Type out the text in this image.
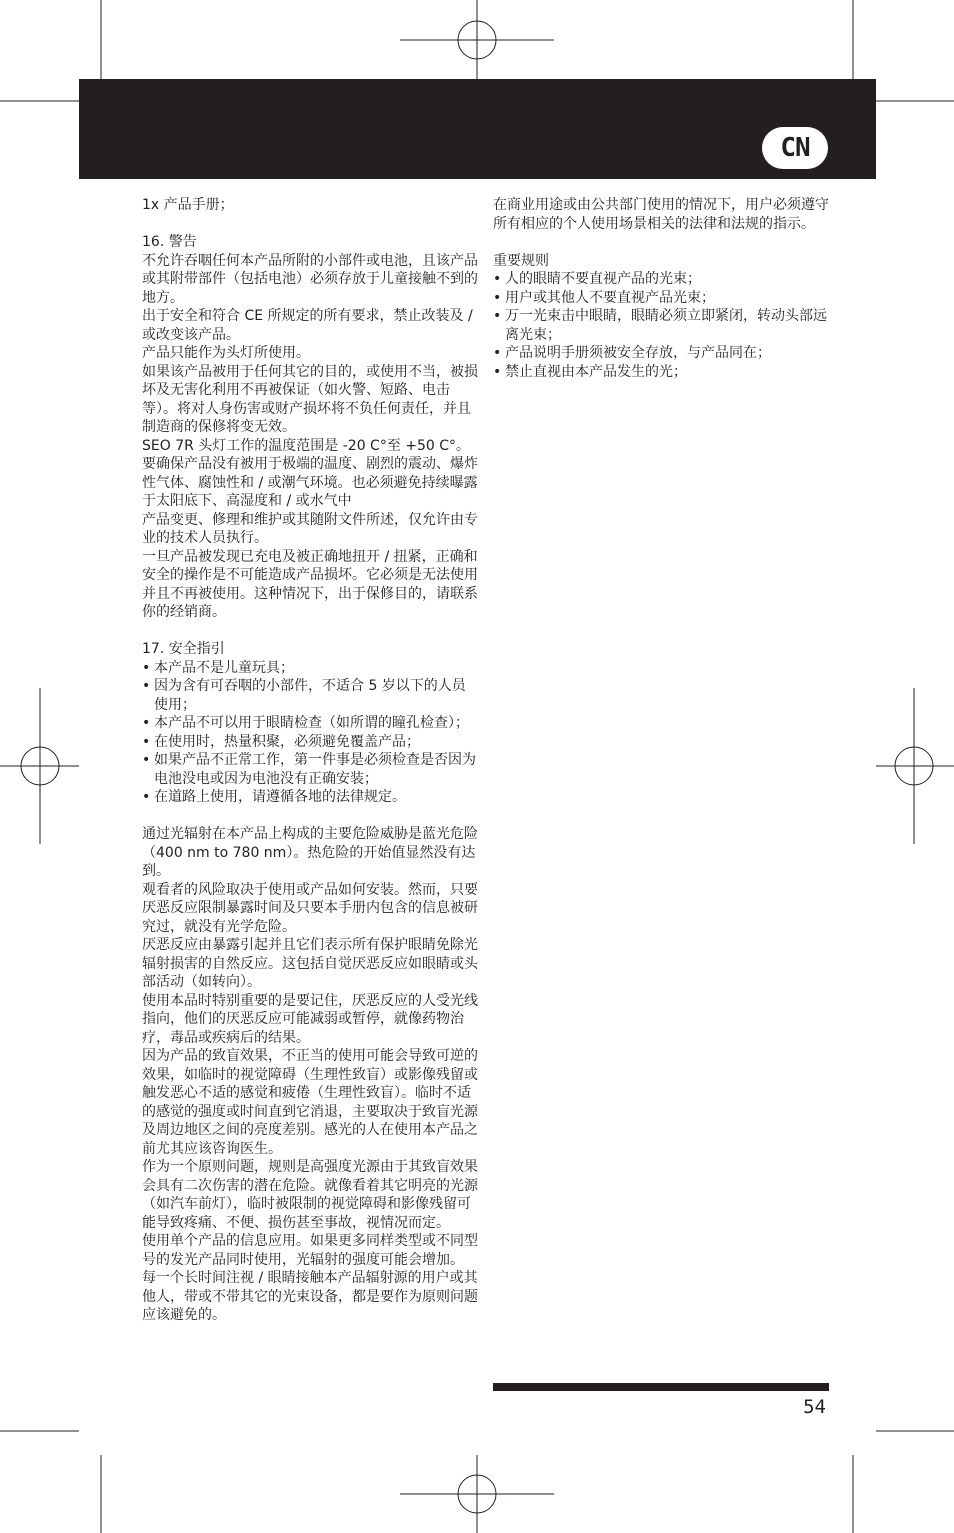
CN

1x 产品手册；

16. 警告

不允许吞咽任何本产品所附的小部件或电池，且该产品或其附带部件（包括电池）必须存放于儿童接触不到的地方。

出于安全和符合 CE 所规定的所有要求，禁止改装及 / 或改变该产品。

产品只能作为头灯所使用。

如果该产品被用于任何其它的目的，或使用不当，被损坏及无害化利用不再被保证（如火警、短路、电击等）。将对人身伤害或财产损坏将不负任何责任，并且制造商的保修将变无效。

SEO 7R 头灯工作的温度范围是 -20 C°至 +50 C°。要确保产品没有被用于极端的温度、剧烈的震动、爆炸性气体、腐蚀性和 / 或潮气环境。也必须避免持续曝露于太阳底下、高湿度和 / 或水气中

产品变更、修理和维护或其随附文件所述，仅允许由专业的技术人员执行。

一旦产品被发现已充电及被正确地扭开 / 扭紧，正确和安全的操作是不可能造成产品损坏。它必须是无法使用并且不再被使用。这种情况下，出于保修目的，请联系你的经销商。

17. 安全指引

• 本产品不是儿童玩具；
• 因为含有可吞咽的小部件，不适合 5 岁以下的人员使用；
• 本产品不可以用于眼睛检查（如所谓的瞳孔检查）；
• 在使用时，热量积聚，必须避免覆盖产品；
• 如果产品不正常工作，第一件事是必须检查是否因为电池没电或因为电池没有正确安装；
• 在道路上使用，请遵循各地的法律规定。

通过光辐射在本产品上构成的主要危险威胁是蓝光危险（400 nm to 780 nm）。热危险的开始值显然没有达到。

观看者的风险取决于使用或产品如何安装。然而，只要厌恶反应限制暴露时间及只要本手册内包含的信息被研究过，就没有光学危险。

厌恶反应由暴露引起并且它们表示所有保护眼睛免除光辐射损害的自然反应。这包括自觉厌恶反应如眼睛或头部活动（如转向）。

使用本品时特别重要的是要记住，厌恶反应的人受光线指向，他们的厌恶反应可能减弱或暂停，就像药物治疗，毒品或疾病后的结果。

因为产品的致盲效果，不正当的使用可能会导致可逆的效果，如临时的视觉障碍（生理性致盲）或影像残留或触发恶心不适的感觉和疲倦（生理性致盲）。临时不适的感觉的强度或时间直到它消退，主要取决于致盲光源及周边地区之间的亮度差别。感光的人在使用本产品之前尤其应该咨询医生。

作为一个原则问题，规则是高强度光源由于其致盲效果会具有二次伤害的潜在危险。就像看着其它明亮的光源（如汽车前灯），临时被限制的视觉障碍和影像残留可能导致疼痛、不便、损伤甚至事故，视情况而定。

使用单个产品的信息应用。如果更多同样类型或不同型号的发光产品同时使用，光辐射的强度可能会增加。

每一个长时间注视 / 眼睛接触本产品辐射源的用户或其他人，带或不带其它的光束设备，都是要作为原则问题应该避免的。

在商业用途或由公共部门使用的情况下，用户必须遵守所有相应的个人使用场景相关的法律和法规的指示。

重要规则

• 人的眼睛不要直视产品的光束；
• 用户或其他人不要直视产品光束；
• 万一光束击中眼睛，眼睛必须立即紧闭，转动头部远离光束；
• 产品说明手册须被安全存放，与产品同在；
• 禁止直视由本产品发生的光；
54
